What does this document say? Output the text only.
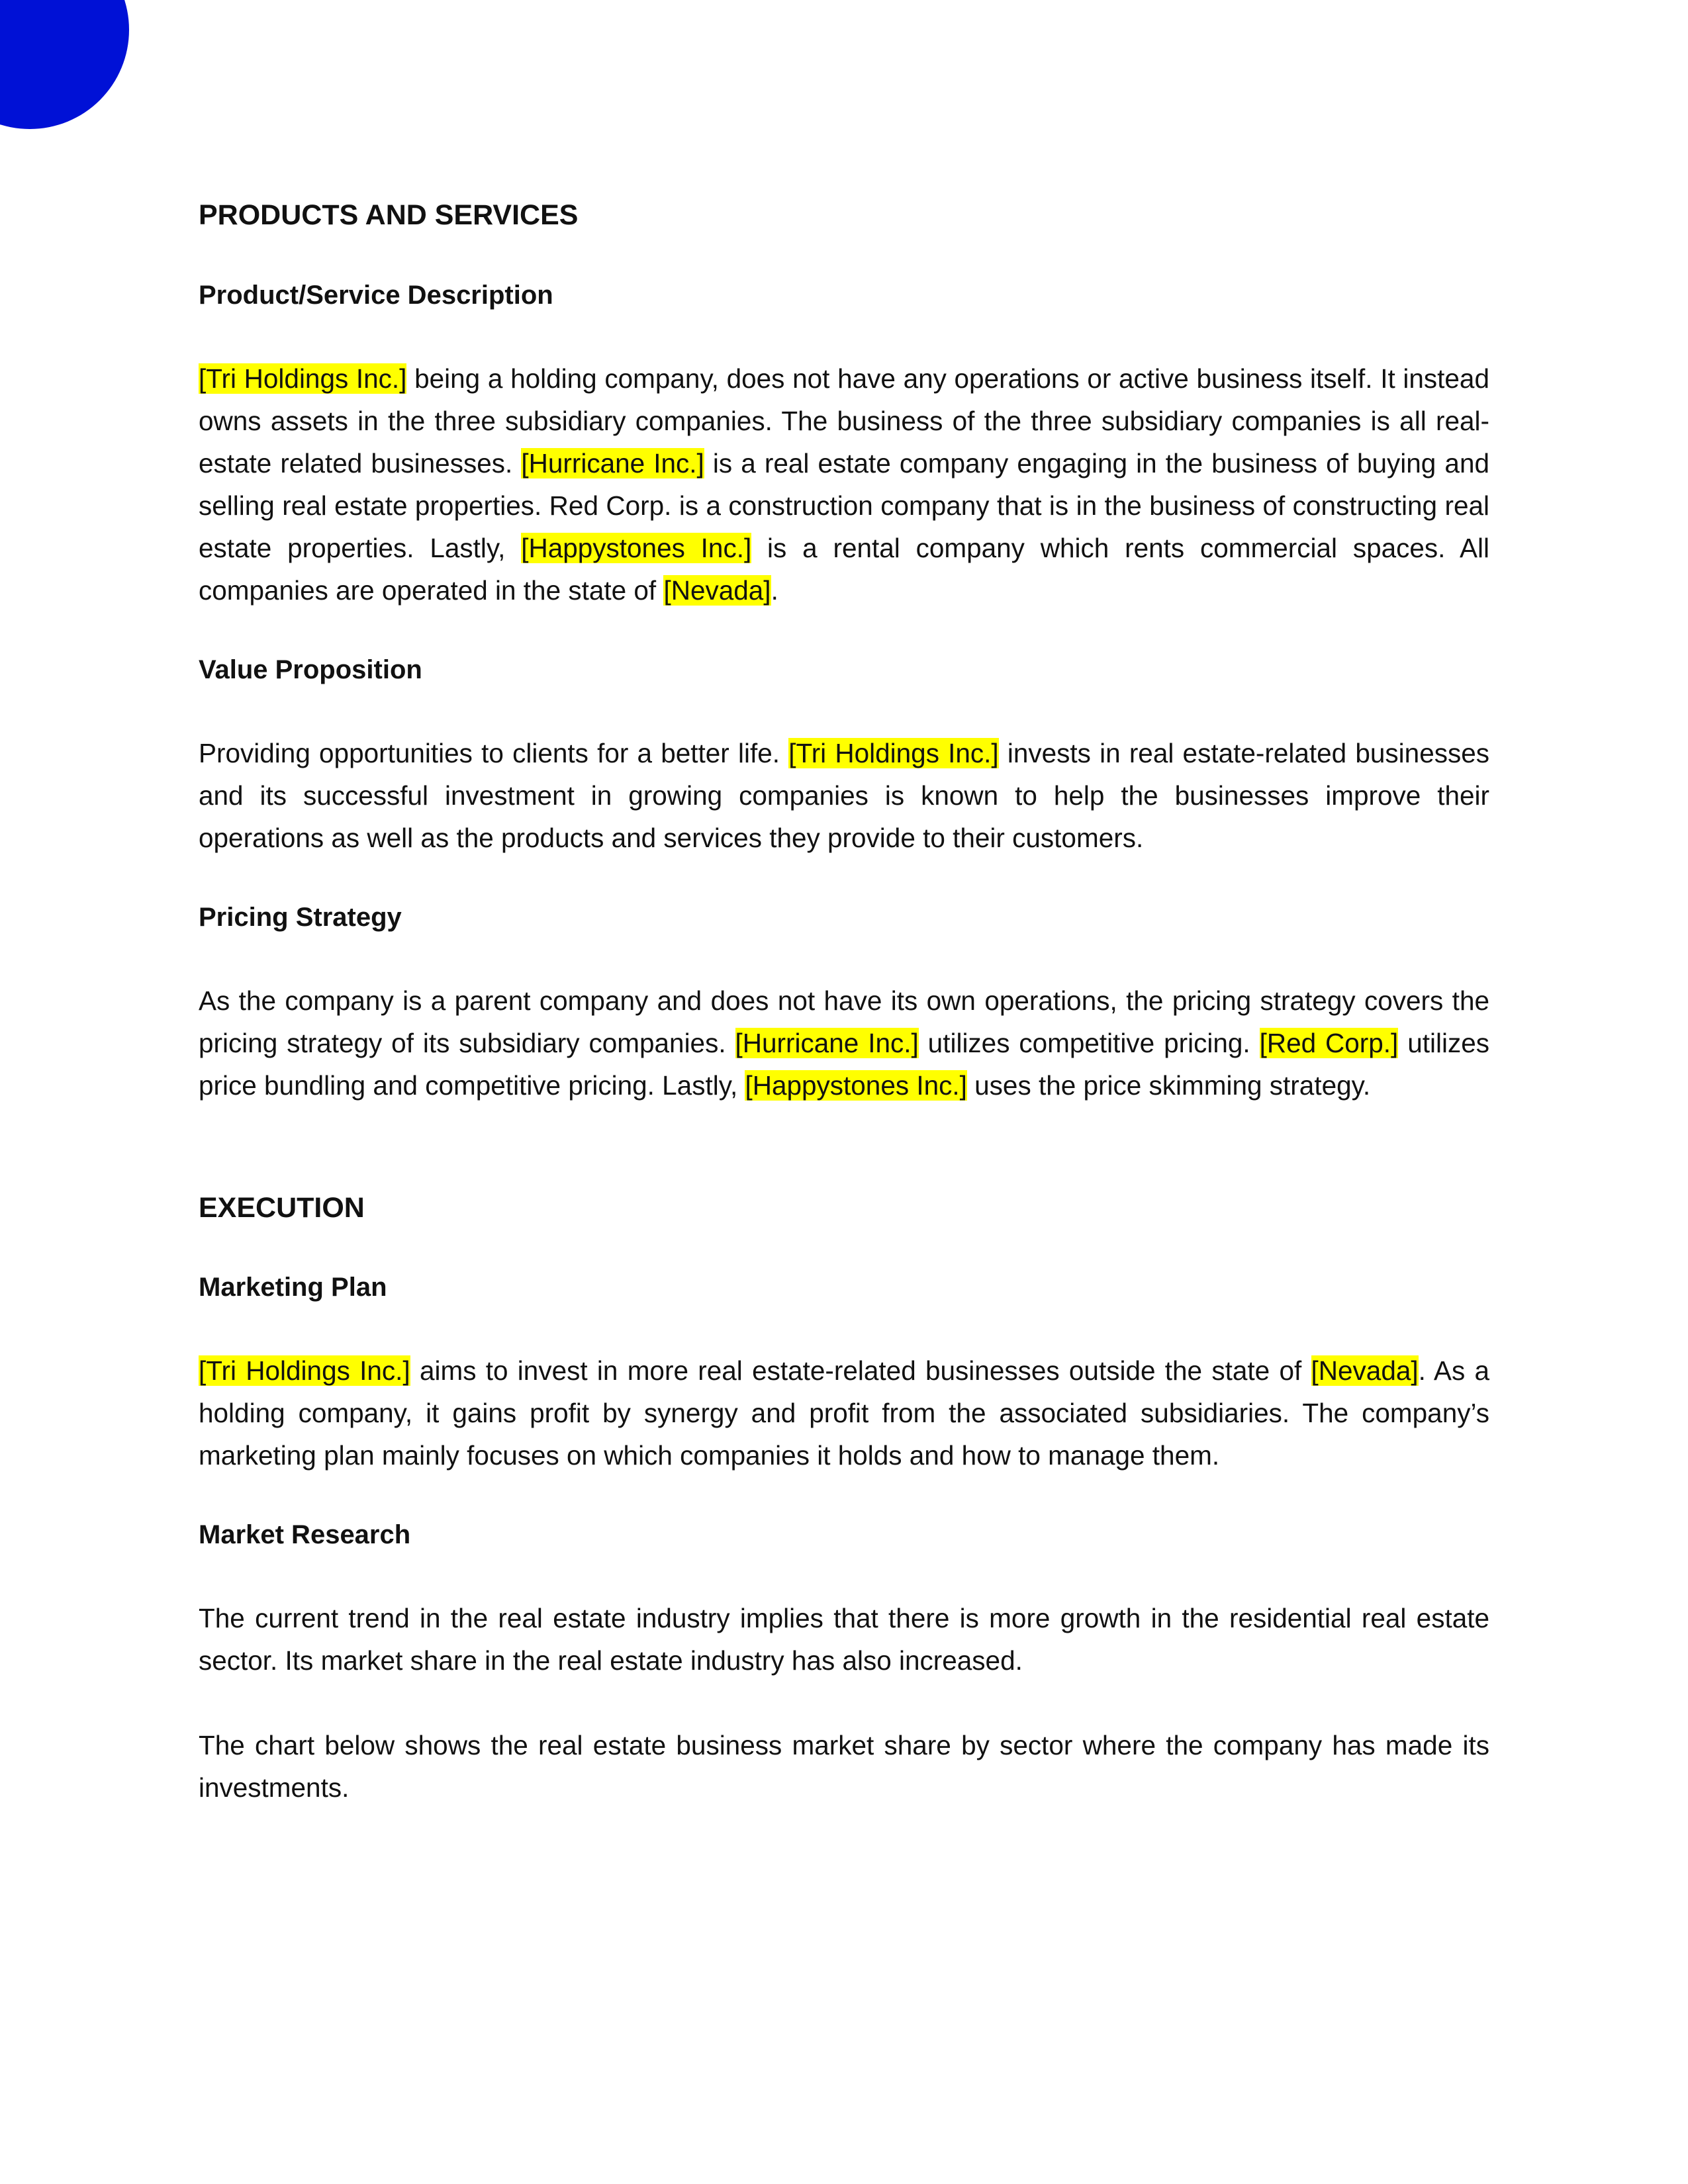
PRODUCTS AND SERVICES
Product/Service Description

[Tri Holdings Inc.] being a holding company, does not have any operations or active business itself. It instead owns assets in the three subsidiary companies. The business of the three subsidiary companies is all real-estate related businesses. [Hurricane Inc.] is a real estate company engaging in the business of buying and selling real estate properties. Red Corp. is a construction company that is in the business of constructing real estate properties. Lastly, [Happystones Inc.] is a rental company which rents commercial spaces. All companies are operated in the state of [Nevada].

Value Proposition

Providing opportunities to clients for a better life. [Tri Holdings Inc.] invests in real estate-related businesses and its successful investment in growing companies is known to help the businesses improve their operations as well as the products and services they provide to their customers.

Pricing Strategy

As the company is a parent company and does not have its own operations, the pricing strategy covers the pricing strategy of its subsidiary companies. [Hurricane Inc.] utilizes competitive pricing. [Red Corp.] utilizes price bundling and competitive pricing. Lastly, [Happystones Inc.] uses the price skimming strategy.

EXECUTION
Marketing Plan

[Tri Holdings Inc.] aims to invest in more real estate-related businesses outside the state of [Nevada]. As a holding company, it gains profit by synergy and profit from the associated subsidiaries. The company’s marketing plan mainly focuses on which companies it holds and how to manage them.

Market Research

The current trend in the real estate industry implies that there is more growth in the residential real estate sector. Its market share in the real estate industry has also increased.

The chart below shows the real estate business market share by sector where the company has made its investments.
